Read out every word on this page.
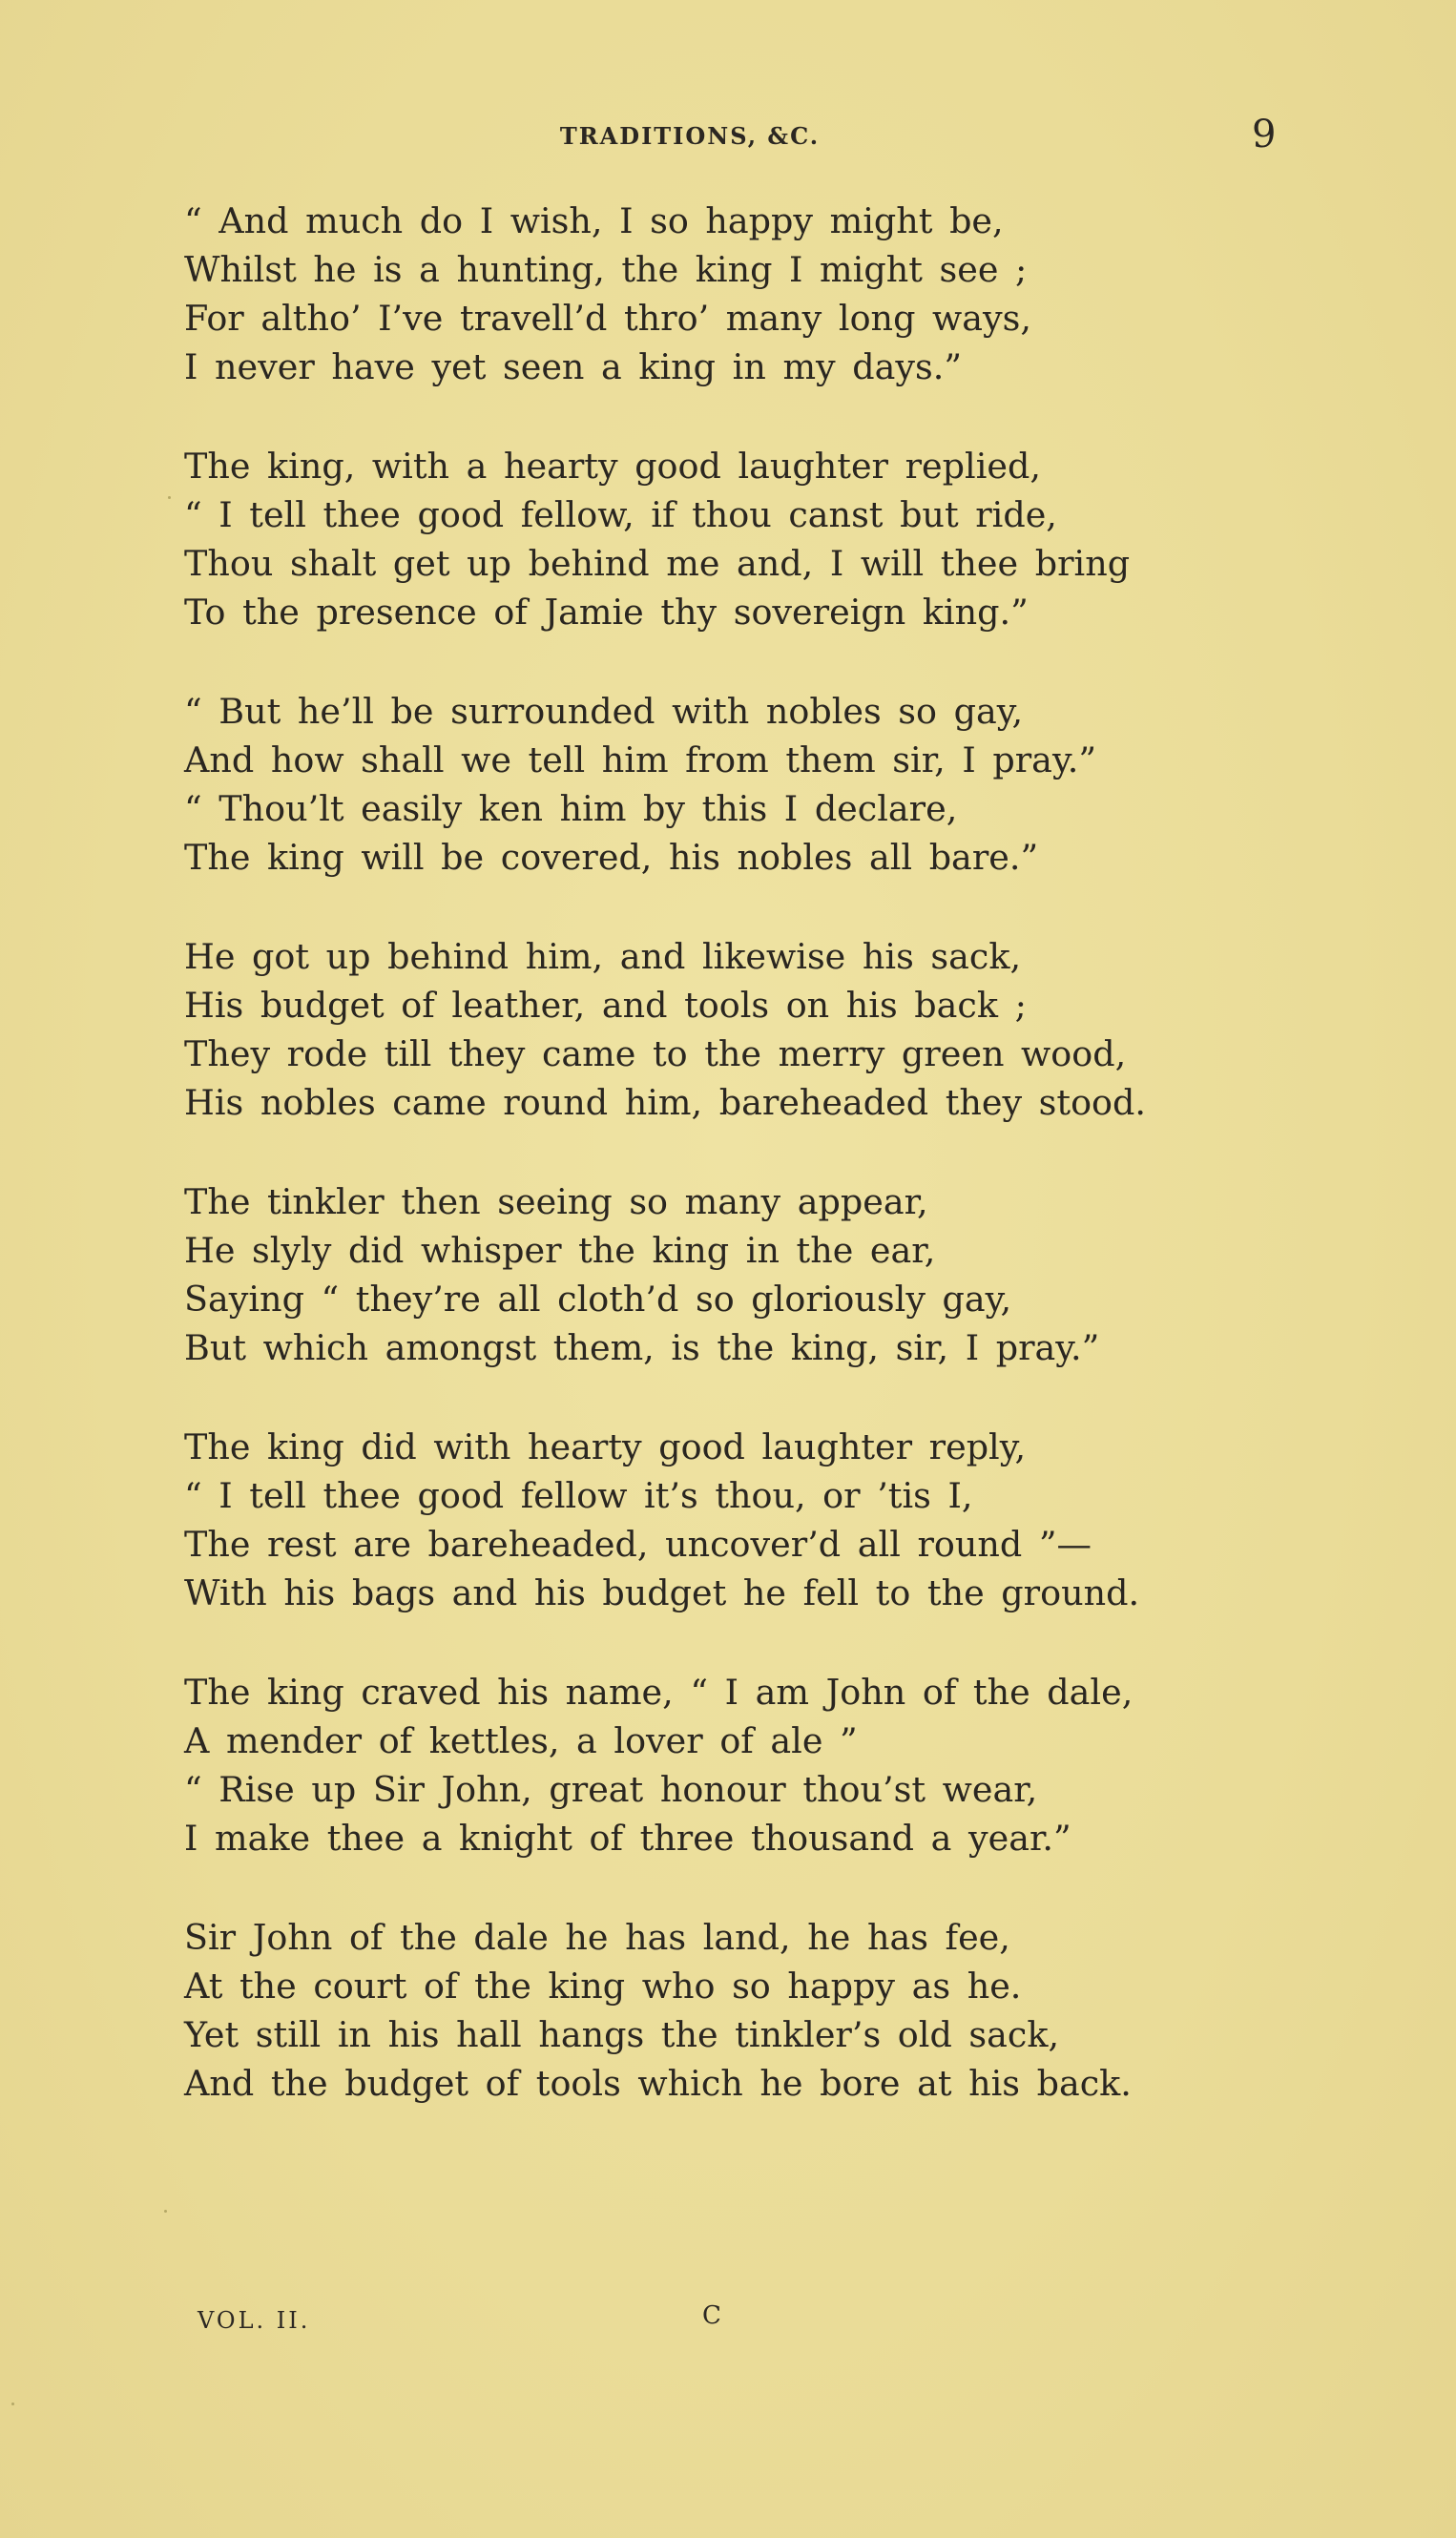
TRADITIONS, &C.	9
“ And much do I wish, I so happy might be,
Whilst he is a hunting, the king I might see ;
For altho’ I’ve travell’d thro’ many long ways,
I never have yet seen a king in my days.”
The king, with a hearty good laughter replied,
“ I tell thee good fellow, if thou canst but ride,
Thou shalt get up behind me and, I will thee bring
To the presence of Jamie thy sovereign king.”
“ But he’ll be surrounded with nobles so gay,
And how shall we tell him from them sir, I pray.”
“ Thou’lt easily ken him by this I declare,
The king will be covered, his nobles all bare.”
He got up behind him, and likewise his sack,
His budget of leather, and tools on his back ;
They rode till they came to the merry green wood,
His nobles came round him, bareheaded they stood.
The tinkler then seeing so many appear,
He slyly did whisper the king in the ear,
Saying “ they’re all cloth’d so gloriously gay,
But which amongst them, is the king, sir, I pray.”
The king did with hearty good laughter reply,
“ I tell thee good fellow it’s thou, or ’tis I,
The rest are bareheaded, uncover’d all round ”—
With his bags and his budget he fell to the ground.
The king craved his name, “ I am John of the dale,
A mender of kettles, a lover of ale ”
“ Rise up Sir John, great honour thou’st wear,
I make thee a knight of three thousand a year.”
Sir John of the dale he has land, he has fee,
At the court of the king who so happy as he.
Yet still in his hall hangs the tinkler’s old sack,
And the budget of tools which he bore at his back.
VOL. II.	C
